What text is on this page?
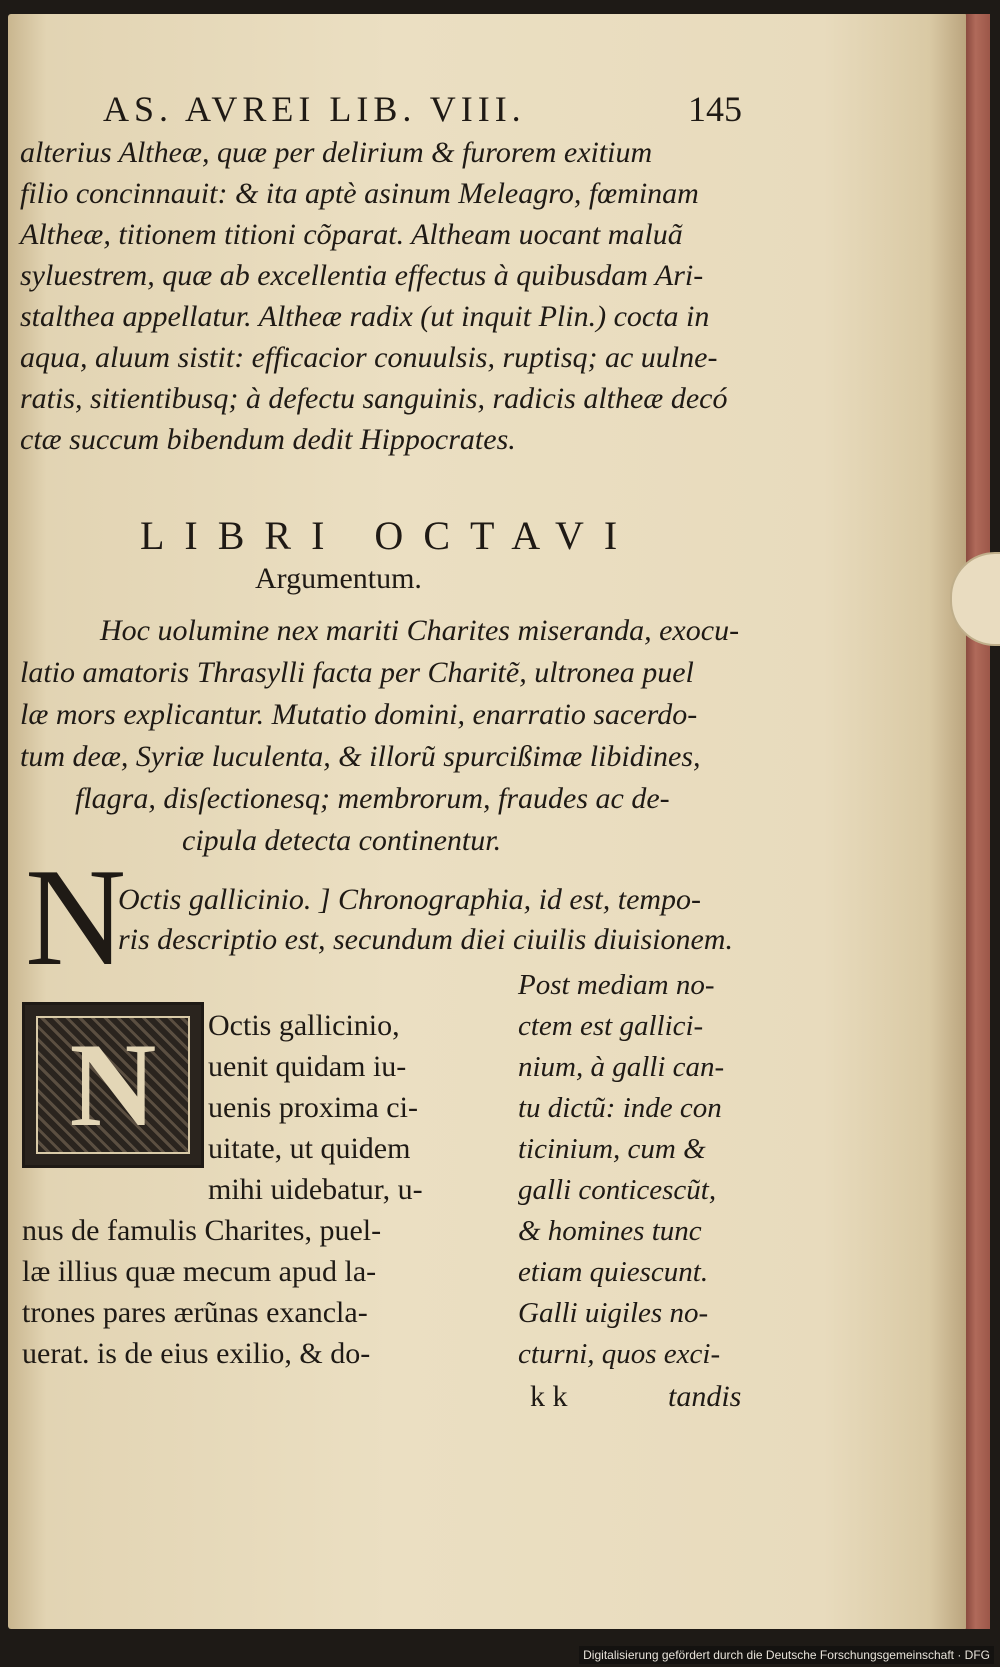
AS. AVREI LIB. VIII.	145
alterius Altheæ, quæ per delirium & furorem exitium
filio concinnauit: & ita aptè asinum Meleagro, fœminam
Altheæ, titionem titioni cõparat. Altheam uocant maluã
syluestrem, quæ ab excellentia effectus à quibusdam Ari-
stalthea appellatur. Altheæ radix (ut inquit Plin.) cocta in
aqua, aluum sistit: efficacior conuulsis, ruptisq; ac uulne-
ratis, sitientibusq; à defectu sanguinis, radicis altheæ decó
ctæ succum bibendum dedit Hippocrates.
LIBRI OCTAVI
Argumentum.
Hoc uolumine nex mariti Charites miseranda, exocu-
latio amatoris Thrasylli facta per Charitẽ, ultronea puel
læ mors explicantur. Mutatio domini, enarratio sacerdo-
tum deæ, Syriæ luculenta, & illorũ spurcißimæ libidines,
flagra, disſectionesq; membrorum, fraudes ac de-
cipula detecta continentur.
N
Octis gallicinio. ] Chronographia, id est, tempo-
ris descriptio est, secundum diei ciuilis diuisionem.
N Octis gallicinio,
uenit quidam iu-
uenis proxima ci-
uitate, ut quidem
mihi uidebatur, u-
nus de famulis Charites, puel-
læ illius quæ mecum apud la-
trones pares ærũnas exancla-
uerat. is de eius exilio, & do-
Post mediam no-
ctem est gallici-
nium, à galli can-
tu dictũ: inde con
ticinium, cum &
galli conticescũt,
& homines tunc
etiam quiescunt.
Galli uigiles no-
cturni, quos exci-
k k	tandis
Digitalisierung gefördert durch die Deutsche Forschungsgemeinschaft · DFG
